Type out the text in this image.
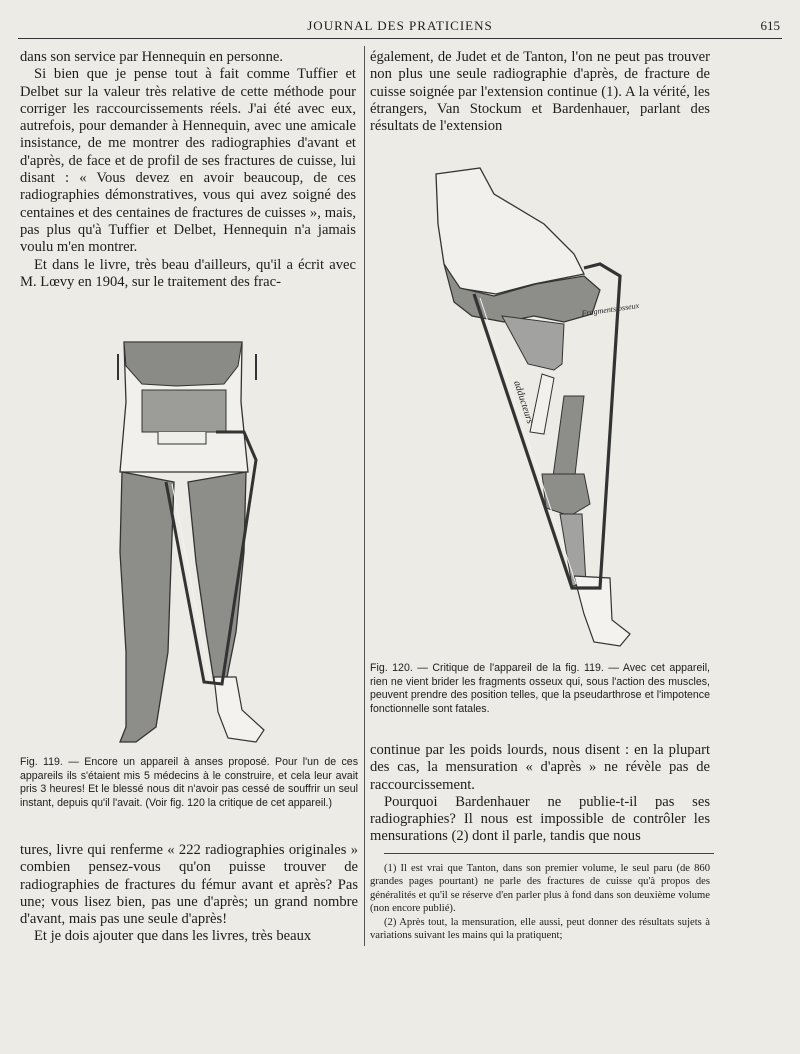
JOURNAL DES PRATICIENS	615

dans son service par Hennequin en personne.

Si bien que je pense tout à fait comme Tuffier et Delbet sur la valeur très relative de cette méthode pour corriger les raccourcissements réels. J'ai été avec eux, autrefois, pour demander à Hennequin, avec une amicale insistance, de me montrer des radiographies d'avant et d'après, de face et de profil de ses fractures de cuisse, lui disant : « Vous devez en avoir beaucoup, de ces radiographies démonstratives, vous qui avez soigné des centaines et des centaines de fractures de cuisses », mais, pas plus qu'à Tuffier et Delbet, Hennequin n'a jamais voulu m'en montrer.

Et dans le livre, très beau d'ailleurs, qu'il a écrit avec M. Lœvy en 1904, sur le traitement des frac-

Fig. 119. — Encore un appareil à anses proposé. Pour l'un de ces appareils ils s'étaient mis 5 médecins à le construire, et cela leur avait pris 3 heures! Et le blessé nous dit n'avoir pas cessé de souffrir un seul instant, depuis qu'il l'avait. (Voir fig. 120 la critique de cet appareil.)

tures, livre qui renferme « 222 radiographies originales » combien pensez-vous qu'on puisse trouver de radiographies de fractures du fémur avant et après? Pas une; vous lisez bien, pas une d'après; un grand nombre d'avant, mais pas une seule d'après!

Et je dois ajouter que dans les livres, très beaux

également, de Judet et de Tanton, l'on ne peut pas trouver non plus une seule radiographie d'après, de fracture de cuisse soignée par l'extension continue (1). A la vérité, les étrangers, Van Stockum et Bardenhauer, parlant des résultats de l'extension

Fragments osseux
adducteurs
Fig. 120. — Critique de l'appareil de la fig. 119. — Avec cet appareil, rien ne vient brider les fragments osseux qui, sous l'action des muscles, peuvent prendre des position telles, que la pseudarthrose et l'impotence fonctionnelle sont fatales.

continue par les poids lourds, nous disent : en la plupart des cas, la mensuration « d'après » ne révèle pas de raccourcissement.

Pourquoi Bardenhauer ne publie-t-il pas ses radiographies? Il nous est impossible de contrôler les mensurations (2) dont il parle, tandis que nous

(1) Il est vrai que Tanton, dans son premier volume, le seul paru (de 860 grandes pages pourtant) ne parle des fractures de cuisse qu'à propos des généralités et qu'il se réserve d'en parler plus à fond dans son deuxième volume (non encore publié).

(2) Après tout, la mensuration, elle aussi, peut donner des résultats sujets à variations suivant les mains qui la pratiquent;
